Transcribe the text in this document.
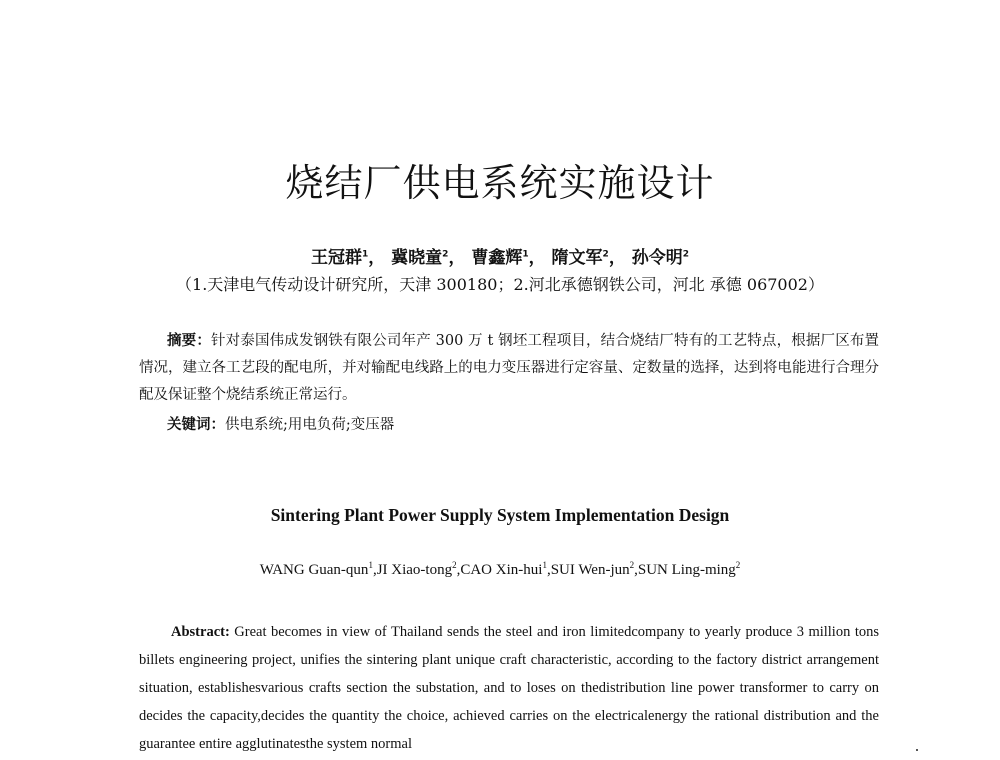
烧结厂供电系统实施设计
王冠群$^1$， 冀晓童$^2$， 曹鑫辉$^1$， 隋文军$^2$， 孙令明$^2$
（1.天津电气传动设计研究所，天津 300180；2.河北承德钢铁公司，河北 承德 067002）

摘要：针对泰国伟成发钢铁有限公司年产 300 万 t 钢坯工程项目，结合烧结厂特有的工艺特点，根据厂区布置情况，建立各工艺段的配电所，并对输配电线路上的电力变压器进行定容量、定数量的选择，达到将电能进行合理分配及保证整个烧结系统正常运行。

关键词：供电系统;用电负荷;变压器
Sintering Plant Power Supply System Implementation Design
WANG Guan-qun$^1$,JI Xiao-tong$^2$,CAO Xin-hui$^1$,SUI Wen-jun$^2$,SUN Ling-ming$^2$

Abstract: Great becomes in view of Thailand sends the steel and iron limitedcompany to yearly produce 3 million tons billets engineering project, unifies the sintering plant unique craft characteristic, according to the factory district arrangement situation, establishesvarious crafts section the substation, and to loses on thedistribution line power transformer to carry on decides the capacity,decides the quantity the choice, achieved carries on the electricalenergy the rational distribution and the guarantee entire agglutinatesthe system normal
